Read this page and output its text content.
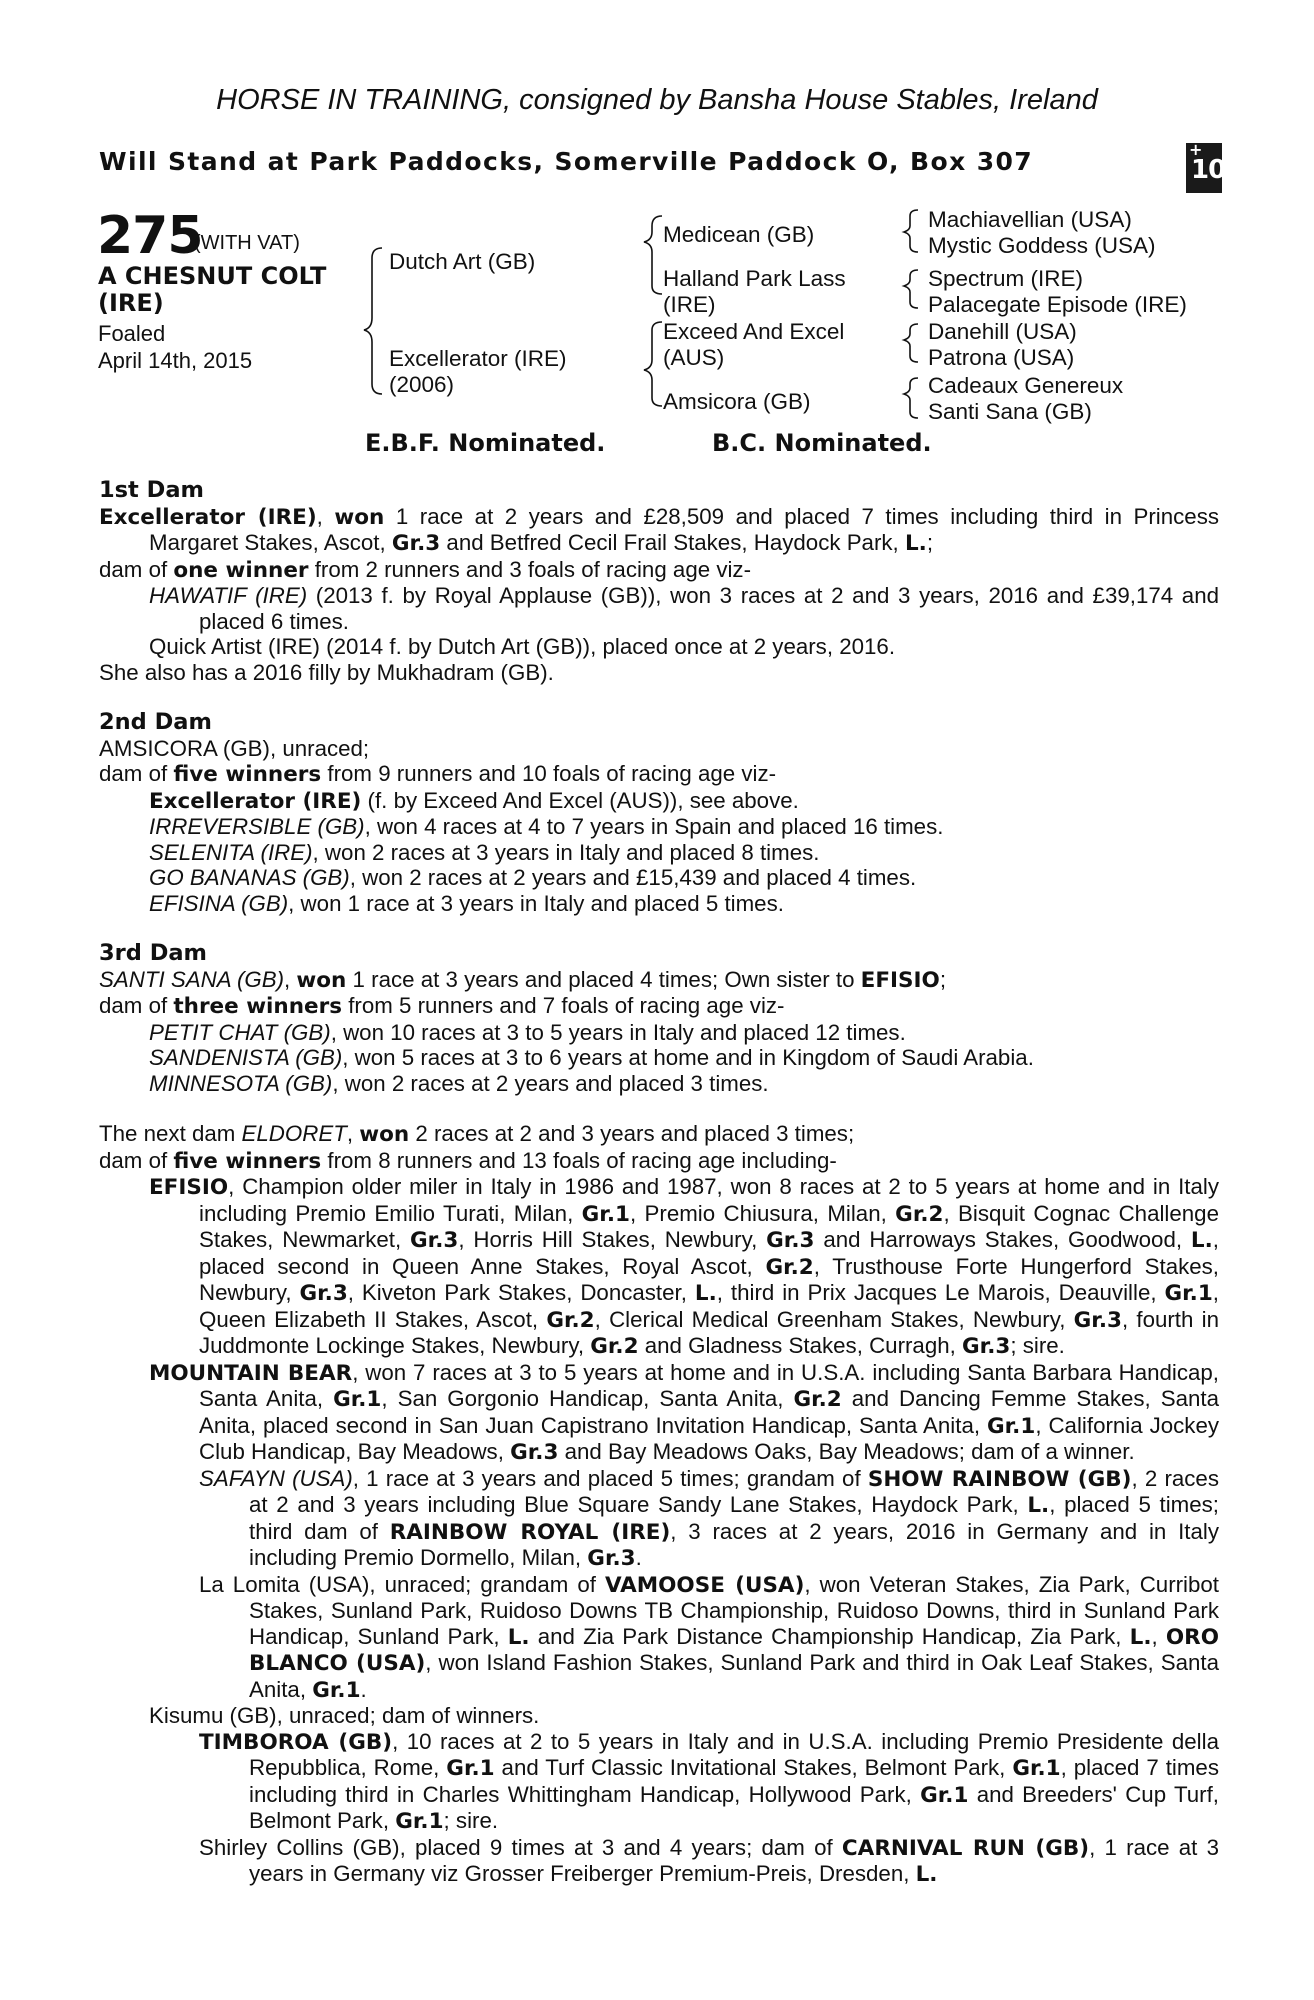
HORSE IN TRAINING, consigned by Bansha House Stables, Ireland
Will Stand at Park Paddocks, Somerville Paddock O, Box 307	+
10
275
(WITH VAT)
A CHESNUT COLT
(IRE)
Foaled
April 14th, 2015
Dutch Art (GB)
Excellerator (IRE)
(2006)
Medicean (GB)
Halland Park Lass
(IRE)
Exceed And Excel
(AUS)
Amsicora (GB)
Machiavellian (USA)
Mystic Goddess (USA)
Spectrum (IRE)
Palacegate Episode (IRE)
Danehill (USA)
Patrona (USA)
Cadeaux Genereux
Santi Sana (GB)
E.B.F. Nominated.	B.C. Nominated.

1st Dam

Excellerator (IRE), won 1 race at 2 years and £28,509 and placed 7 times including third in Princess Margaret Stakes, Ascot, Gr.3 and Betfred Cecil Frail Stakes, Haydock Park, L.;

dam of one winner from 2 runners and 3 foals of racing age viz-

HAWATIF (IRE) (2013 f. by Royal Applause (GB)), won 3 races at 2 and 3 years, 2016 and £39,174 and placed 6 times.

Quick Artist (IRE) (2014 f. by Dutch Art (GB)), placed once at 2 years, 2016.

She also has a 2016 filly by Mukhadram (GB).

2nd Dam

AMSICORA (GB), unraced;

dam of five winners from 9 runners and 10 foals of racing age viz-

Excellerator (IRE) (f. by Exceed And Excel (AUS)), see above.

IRREVERSIBLE (GB), won 4 races at 4 to 7 years in Spain and placed 16 times.

SELENITA (IRE), won 2 races at 3 years in Italy and placed 8 times.

GO BANANAS (GB), won 2 races at 2 years and £15,439 and placed 4 times.

EFISINA (GB), won 1 race at 3 years in Italy and placed 5 times.

3rd Dam

SANTI SANA (GB), won 1 race at 3 years and placed 4 times; Own sister to EFISIO;

dam of three winners from 5 runners and 7 foals of racing age viz-

PETIT CHAT (GB), won 10 races at 3 to 5 years in Italy and placed 12 times.

SANDENISTA (GB), won 5 races at 3 to 6 years at home and in Kingdom of Saudi Arabia.

MINNESOTA (GB), won 2 races at 2 years and placed 3 times.

The next dam ELDORET, won 2 races at 2 and 3 years and placed 3 times;

dam of five winners from 8 runners and 13 foals of racing age including-

EFISIO, Champion older miler in Italy in 1986 and 1987, won 8 races at 2 to 5 years at home and in Italy including Premio Emilio Turati, Milan, Gr.1, Premio Chiusura, Milan, Gr.2, Bisquit Cognac Challenge Stakes, Newmarket, Gr.3, Horris Hill Stakes, Newbury, Gr.3 and Harroways Stakes, Goodwood, L., placed second in Queen Anne Stakes, Royal Ascot, Gr.2, Trusthouse Forte Hungerford Stakes, Newbury, Gr.3, Kiveton Park Stakes, Doncaster, L., third in Prix Jacques Le Marois, Deauville, Gr.1, Queen Elizabeth II Stakes, Ascot, Gr.2, Clerical Medical Greenham Stakes, Newbury, Gr.3, fourth in Juddmonte Lockinge Stakes, Newbury, Gr.2 and Gladness Stakes, Curragh, Gr.3; sire.

MOUNTAIN BEAR, won 7 races at 3 to 5 years at home and in U.S.A. including Santa Barbara Handicap, Santa Anita, Gr.1, San Gorgonio Handicap, Santa Anita, Gr.2 and Dancing Femme Stakes, Santa Anita, placed second in San Juan Capistrano Invitation Handicap, Santa Anita, Gr.1, California Jockey Club Handicap, Bay Meadows, Gr.3 and Bay Meadows Oaks, Bay Meadows; dam of a winner.

SAFAYN (USA), 1 race at 3 years and placed 5 times; grandam of SHOW RAINBOW (GB), 2 races at 2 and 3 years including Blue Square Sandy Lane Stakes, Haydock Park, L., placed 5 times; third dam of RAINBOW ROYAL (IRE), 3 races at 2 years, 2016 in Germany and in Italy including Premio Dormello, Milan, Gr.3.

La Lomita (USA), unraced; grandam of VAMOOSE (USA), won Veteran Stakes, Zia Park, Curribot Stakes, Sunland Park, Ruidoso Downs TB Championship, Ruidoso Downs, third in Sunland Park Handicap, Sunland Park, L. and Zia Park Distance Championship Handicap, Zia Park, L., ORO BLANCO (USA), won Island Fashion Stakes, Sunland Park and third in Oak Leaf Stakes, Santa Anita, Gr.1.

Kisumu (GB), unraced; dam of winners.

TIMBOROA (GB), 10 races at 2 to 5 years in Italy and in U.S.A. including Premio Presidente della Repubblica, Rome, Gr.1 and Turf Classic Invitational Stakes, Belmont Park, Gr.1, placed 7 times including third in Charles Whittingham Handicap, Hollywood Park, Gr.1 and Breeders' Cup Turf, Belmont Park, Gr.1; sire.

Shirley Collins (GB), placed 9 times at 3 and 4 years; dam of CARNIVAL RUN (GB), 1 race at 3 years in Germany viz Grosser Freiberger Premium-Preis, Dresden, L.
